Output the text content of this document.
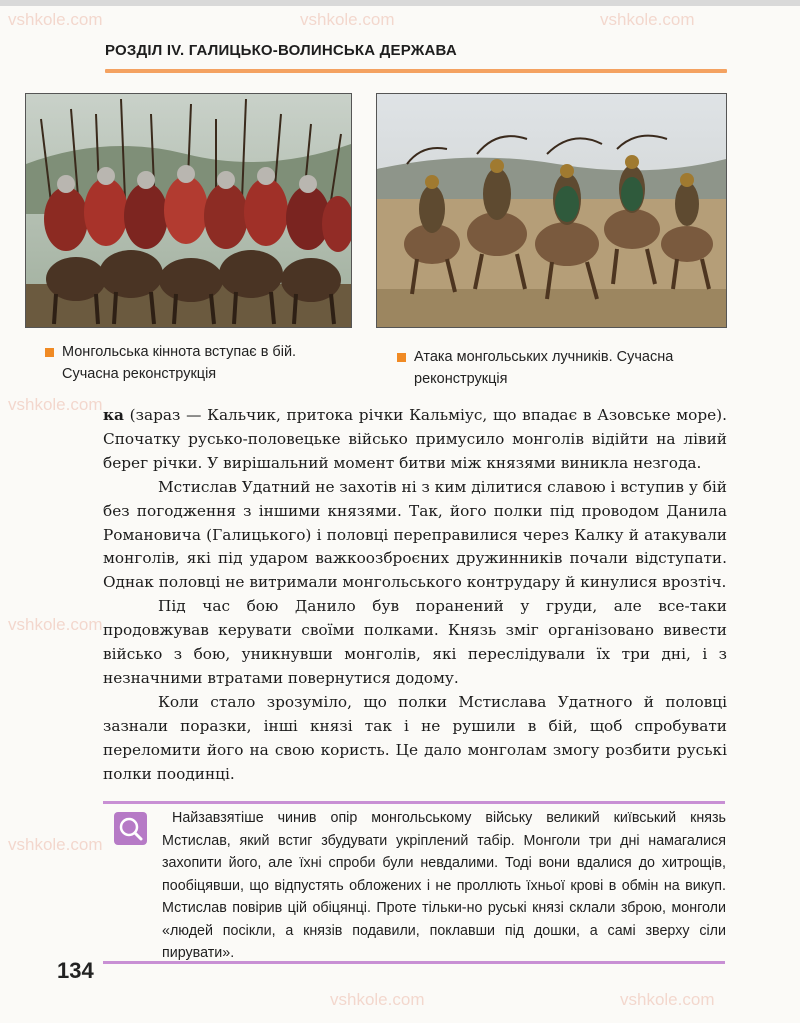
vshkole.com	vshkole.com	vshkole.com
vshkole.com
vshkole.com
vshkole.com
vshkole.com	vshkole.com
РОЗДІЛ IV. ГАЛИЦЬКО-ВОЛИНСЬКА ДЕРЖАВА
Монгольська кіннота вступає в бій. Сучасна реконструкція
Атака монгольських лучників. Сучасна реконструкція

ка (зараз — Кальчик, притока річки Кальміус, що впадає в Азовське море). Спочатку русько-половецьке військо примусило монголів відійти на лівий берег річки. У вирішальний момент битви між князями виникла незгода.

Мстислав Удатний не захотів ні з ким ділитися славою і вступив у бій без погодження з іншими князями. Так, його полки під проводом Данила Романовича (Галицького) і половці переправилися через Калку й атакували монголів, які під ударом важкоозброєних дружинників почали відступати. Однак половці не витримали монгольського контрудару й кинулися врозтіч.

Під час бою Данило був поранений у груди, але все-таки продовжував керувати своїми полками. Князь зміг організовано вивести військо з бою, уникнувши монголів, які переслідували їх три дні, і з незначними втратами повернутися додому.

Коли стало зрозуміло, що полки Мстислава Удатного й половці зазнали поразки, інші князі так і не рушили в бій, щоб спробувати переломити його на свою користь. Це дало монголам змогу розбити руські полки поодинці.

Найзавзятіше чинив опір монгольському війську великий київський князь Мстислав, який встиг збудувати укріплений табір. Монголи три дні намагалися захопити його, але їхні спроби були невдалими. Тоді вони вдалися до хитрощів, пообіцявши, що відпустять обложених і не проллють їхньої крові в обмін на викуп. Мстислав повірив цій обіцянці. Проте тільки-но руські князі склали зброю, монголи «людей посікли, а князів подавили, поклавши під дошки, а самі зверху сіли пирувати».

134
